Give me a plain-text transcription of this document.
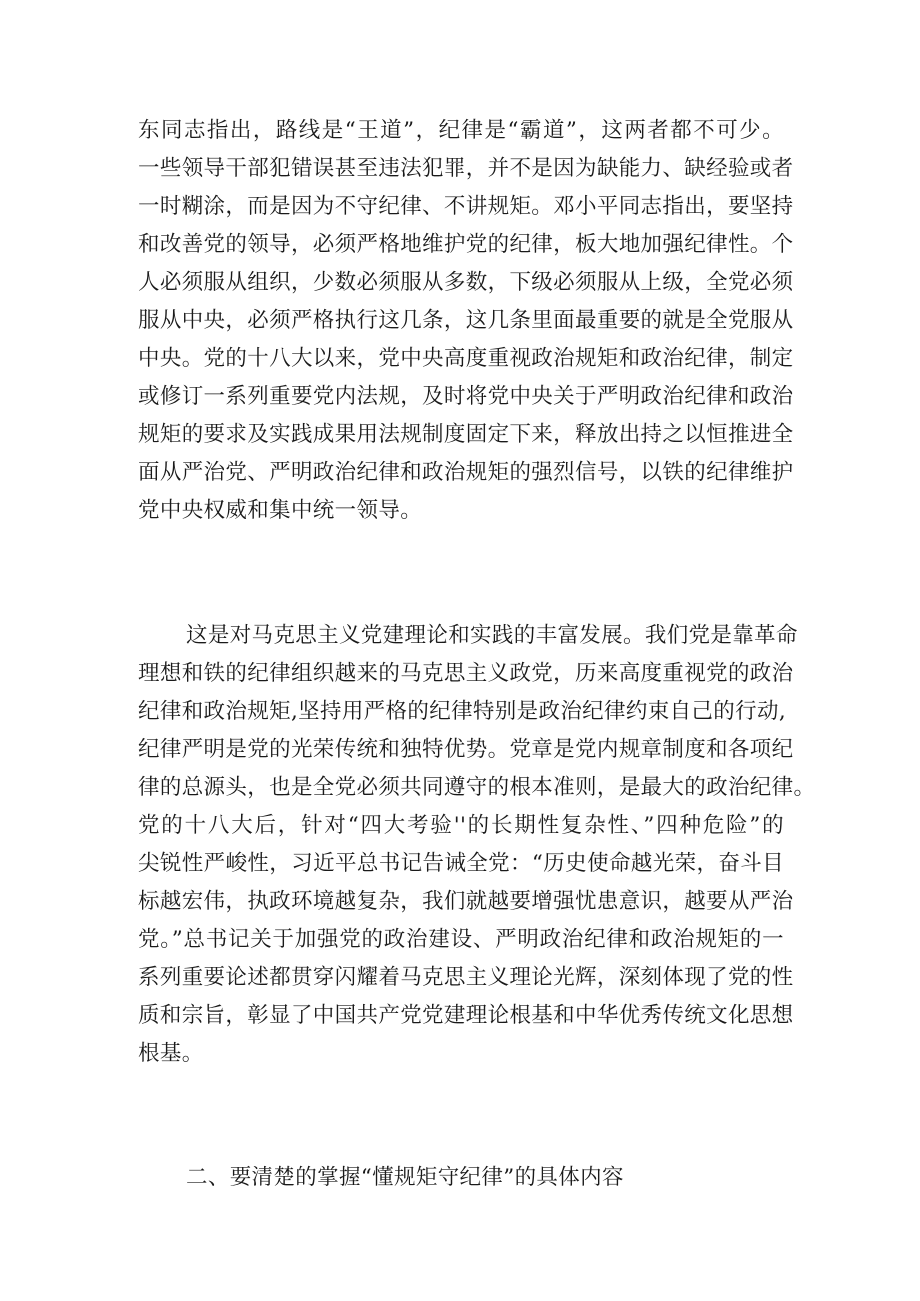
东同志指出，路线是“王道”，纪律是“霸道”，这两者都不可少。
一些领导干部犯错误甚至违法犯罪，并不是因为缺能力、缺经验或者
一时糊涂，而是因为不守纪律、不讲规矩。邓小平同志指出，要坚持
和改善党的领导，必须严格地维护党的纪律，板大地加强纪律性。个
人必须服从组织，少数必须服从多数，下级必须服从上级，全党必须
服从中央，必须严格执行这几条，这几条里面最重要的就是全党服从
中央。党的十八大以来，党中央高度重视政治规矩和政治纪律，制定
或修订一系列重要党内法规，及时将党中央关于严明政治纪律和政治
规矩的要求及实践成果用法规制度固定下来，释放出持之以恒推进全
面从严治党、严明政治纪律和政治规矩的强烈信号，以铁的纪律维护
党中央权威和集中统一领导。
这是对马克思主义党建理论和实践的丰富发展。我们党是靠革命
理想和铁的纪律组织越来的马克思主义政党，历来高度重视党的政治
纪律和政治规矩,坚持用严格的纪律特别是政治纪律约束自己的行动,
纪律严明是党的光荣传统和独特优势。党章是党内规章制度和各项纪
律的总源头，也是全党必须共同遵守的根本准则，是最大的政治纪律。
党的十八大后，针对“四大考验''的长期性复杂性、”四种危险”的
尖锐性严峻性，习近平总书记告诫全党：“历史使命越光荣，奋斗目
标越宏伟，执政环境越复杂，我们就越要增强忧患意识，越要从严治
党。”总书记关于加强党的政治建设、严明政治纪律和政治规矩的一
系列重要论述都贯穿闪耀着马克思主义理论光辉，深刻体现了党的性
质和宗旨，彰显了中国共产党党建理论根基和中华优秀传统文化思想
根基。
二、要清楚的掌握“懂规矩守纪律”的具体内容
